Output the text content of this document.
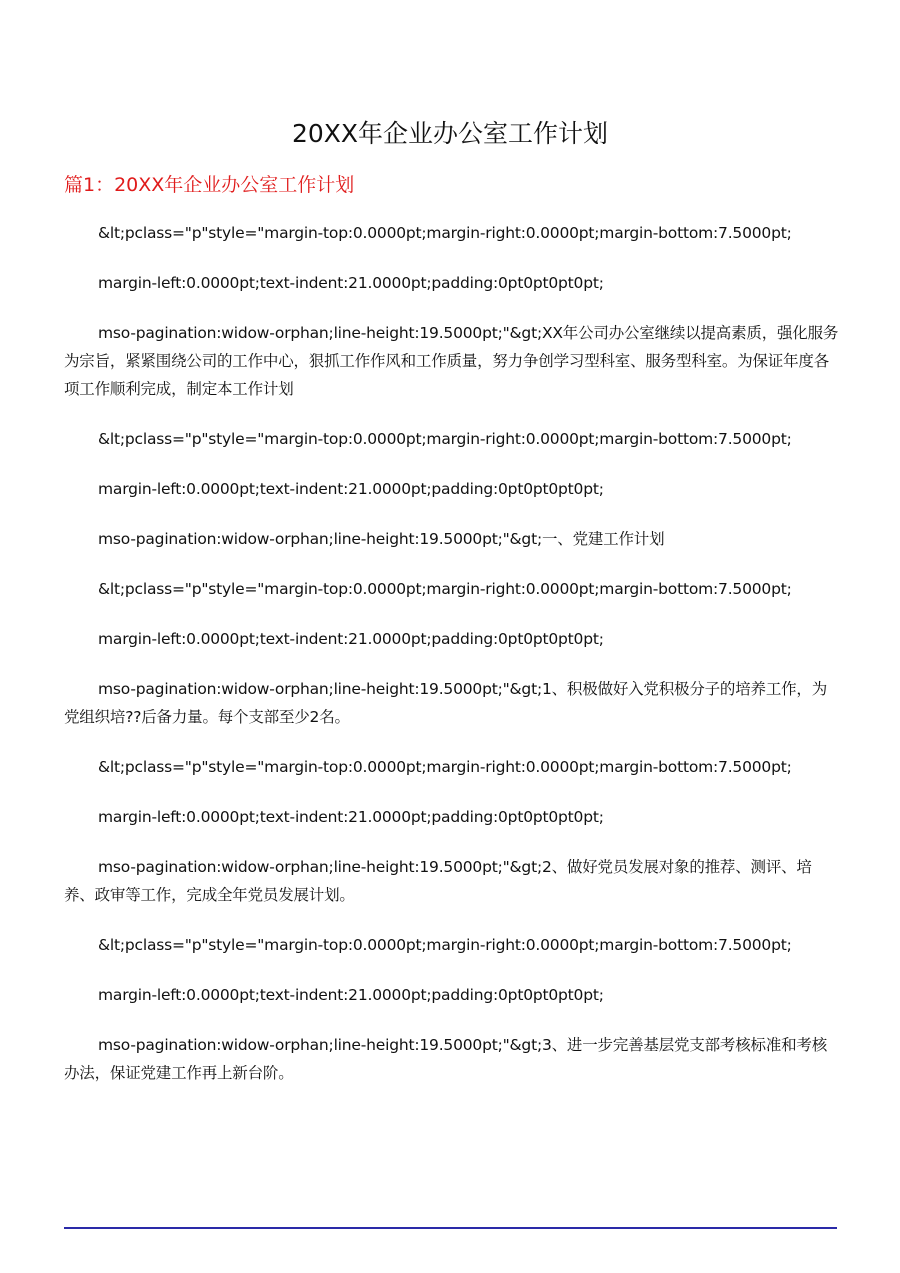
20XX年企业办公室工作计划
篇1：20XX年企业办公室工作计划

&lt;pclass="p"style="margin-top:0.0000pt;margin-right:0.0000pt;margin-bottom:7.5000pt;

margin-left:0.0000pt;text-indent:21.0000pt;padding:0pt0pt0pt0pt;

mso-pagination:widow-orphan;line-height:19.5000pt;"&gt;XX年公司办公室继续以提高素质，强化服务为宗旨，紧紧围绕公司的工作中心，狠抓工作作风和工作质量，努力争创学习型科室、服务型科室。为保证年度各项工作顺利完成，制定本工作计划

&lt;pclass="p"style="margin-top:0.0000pt;margin-right:0.0000pt;margin-bottom:7.5000pt;

margin-left:0.0000pt;text-indent:21.0000pt;padding:0pt0pt0pt0pt;

mso-pagination:widow-orphan;line-height:19.5000pt;"&gt;一、党建工作计划

&lt;pclass="p"style="margin-top:0.0000pt;margin-right:0.0000pt;margin-bottom:7.5000pt;

margin-left:0.0000pt;text-indent:21.0000pt;padding:0pt0pt0pt0pt;

mso-pagination:widow-orphan;line-height:19.5000pt;"&gt;1、积极做好入党积极分子的培养工作，为党组织培??后备力量。每个支部至少2名。

&lt;pclass="p"style="margin-top:0.0000pt;margin-right:0.0000pt;margin-bottom:7.5000pt;

margin-left:0.0000pt;text-indent:21.0000pt;padding:0pt0pt0pt0pt;

mso-pagination:widow-orphan;line-height:19.5000pt;"&gt;2、做好党员发展对象的推荐、测评、培养、政审等工作，完成全年党员发展计划。

&lt;pclass="p"style="margin-top:0.0000pt;margin-right:0.0000pt;margin-bottom:7.5000pt;

margin-left:0.0000pt;text-indent:21.0000pt;padding:0pt0pt0pt0pt;

mso-pagination:widow-orphan;line-height:19.5000pt;"&gt;3、进一步完善基层党支部考核标准和考核办法，保证党建工作再上新台阶。
